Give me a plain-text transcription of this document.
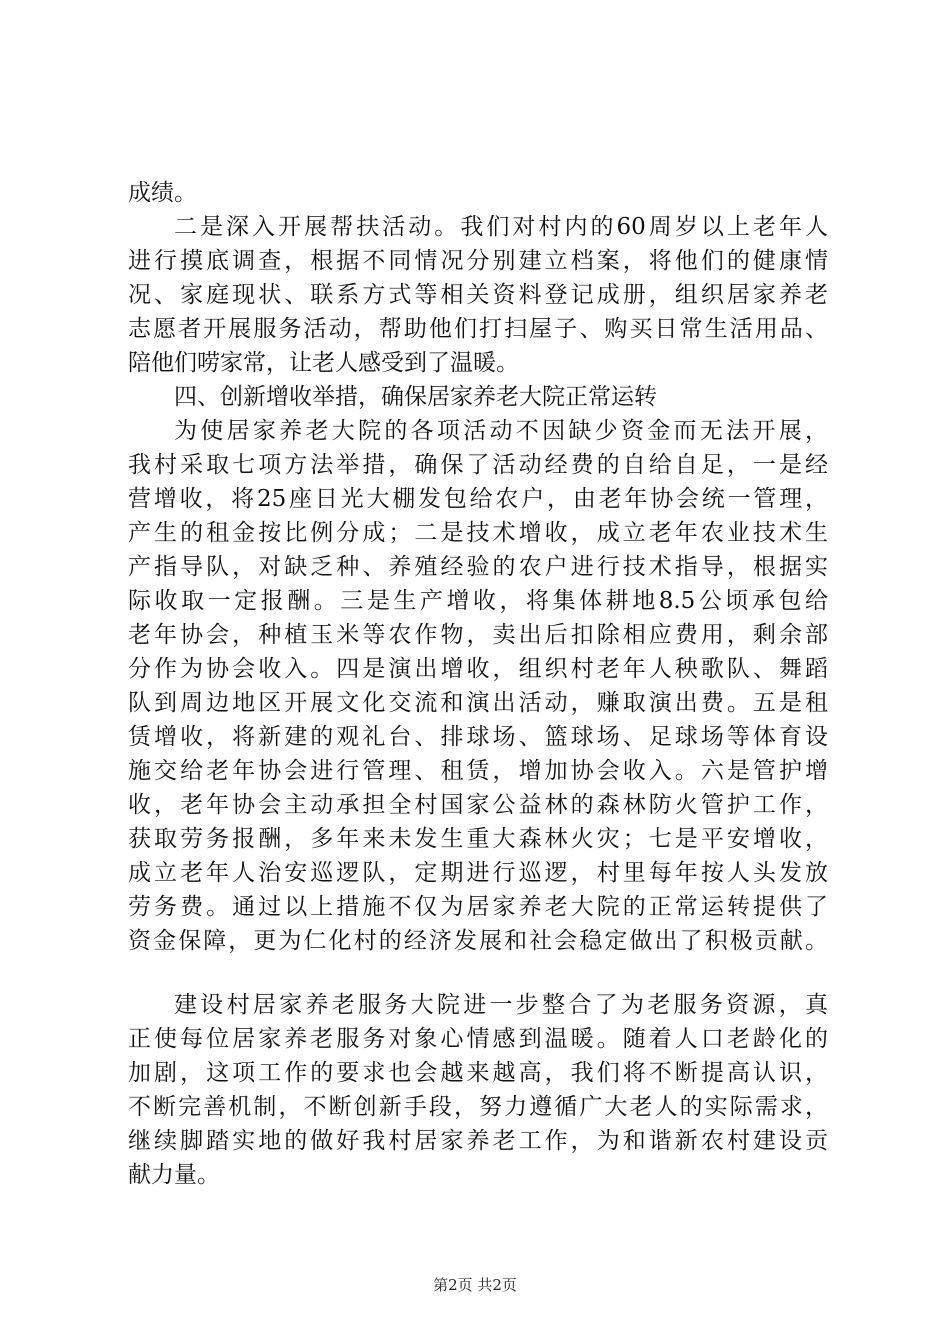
成绩。
二是深入开展帮扶活动。我们对村内的60周岁以上老年人
进行摸底调查，根据不同情况分别建立档案，将他们的健康情
况、家庭现状、联系方式等相关资料登记成册，组织居家养老
志愿者开展服务活动，帮助他们打扫屋子、购买日常生活用品、
陪他们唠家常，让老人感受到了温暖。
四、创新增收举措，确保居家养老大院正常运转
为使居家养老大院的各项活动不因缺少资金而无法开展，
我村采取七项方法举措，确保了活动经费的自给自足，一是经
营增收，将25座日光大棚发包给农户，由老年协会统一管理，
产生的租金按比例分成；二是技术增收，成立老年农业技术生
产指导队，对缺乏种、养殖经验的农户进行技术指导，根据实
际收取一定报酬。三是生产增收，将集体耕地8.5公顷承包给
老年协会，种植玉米等农作物，卖出后扣除相应费用，剩余部
分作为协会收入。四是演出增收，组织村老年人秧歌队、舞蹈
队到周边地区开展文化交流和演出活动，赚取演出费。五是租
赁增收，将新建的观礼台、排球场、篮球场、足球场等体育设
施交给老年协会进行管理、租赁，增加协会收入。六是管护增
收，老年协会主动承担全村国家公益林的森林防火管护工作，
获取劳务报酬，多年来未发生重大森林火灾；七是平安增收，
成立老年人治安巡逻队，定期进行巡逻，村里每年按人头发放
劳务费。通过以上措施不仅为居家养老大院的正常运转提供了
资金保障，更为仁化村的经济发展和社会稳定做出了积极贡献。
建设村居家养老服务大院进一步整合了为老服务资源，真
正使每位居家养老服务对象心情感到温暖。随着人口老龄化的
加剧，这项工作的要求也会越来越高，我们将不断提高认识，
不断完善机制，不断创新手段，努力遵循广大老人的实际需求，
继续脚踏实地的做好我村居家养老工作，为和谐新农村建设贡
献力量。
第2页 共2页
